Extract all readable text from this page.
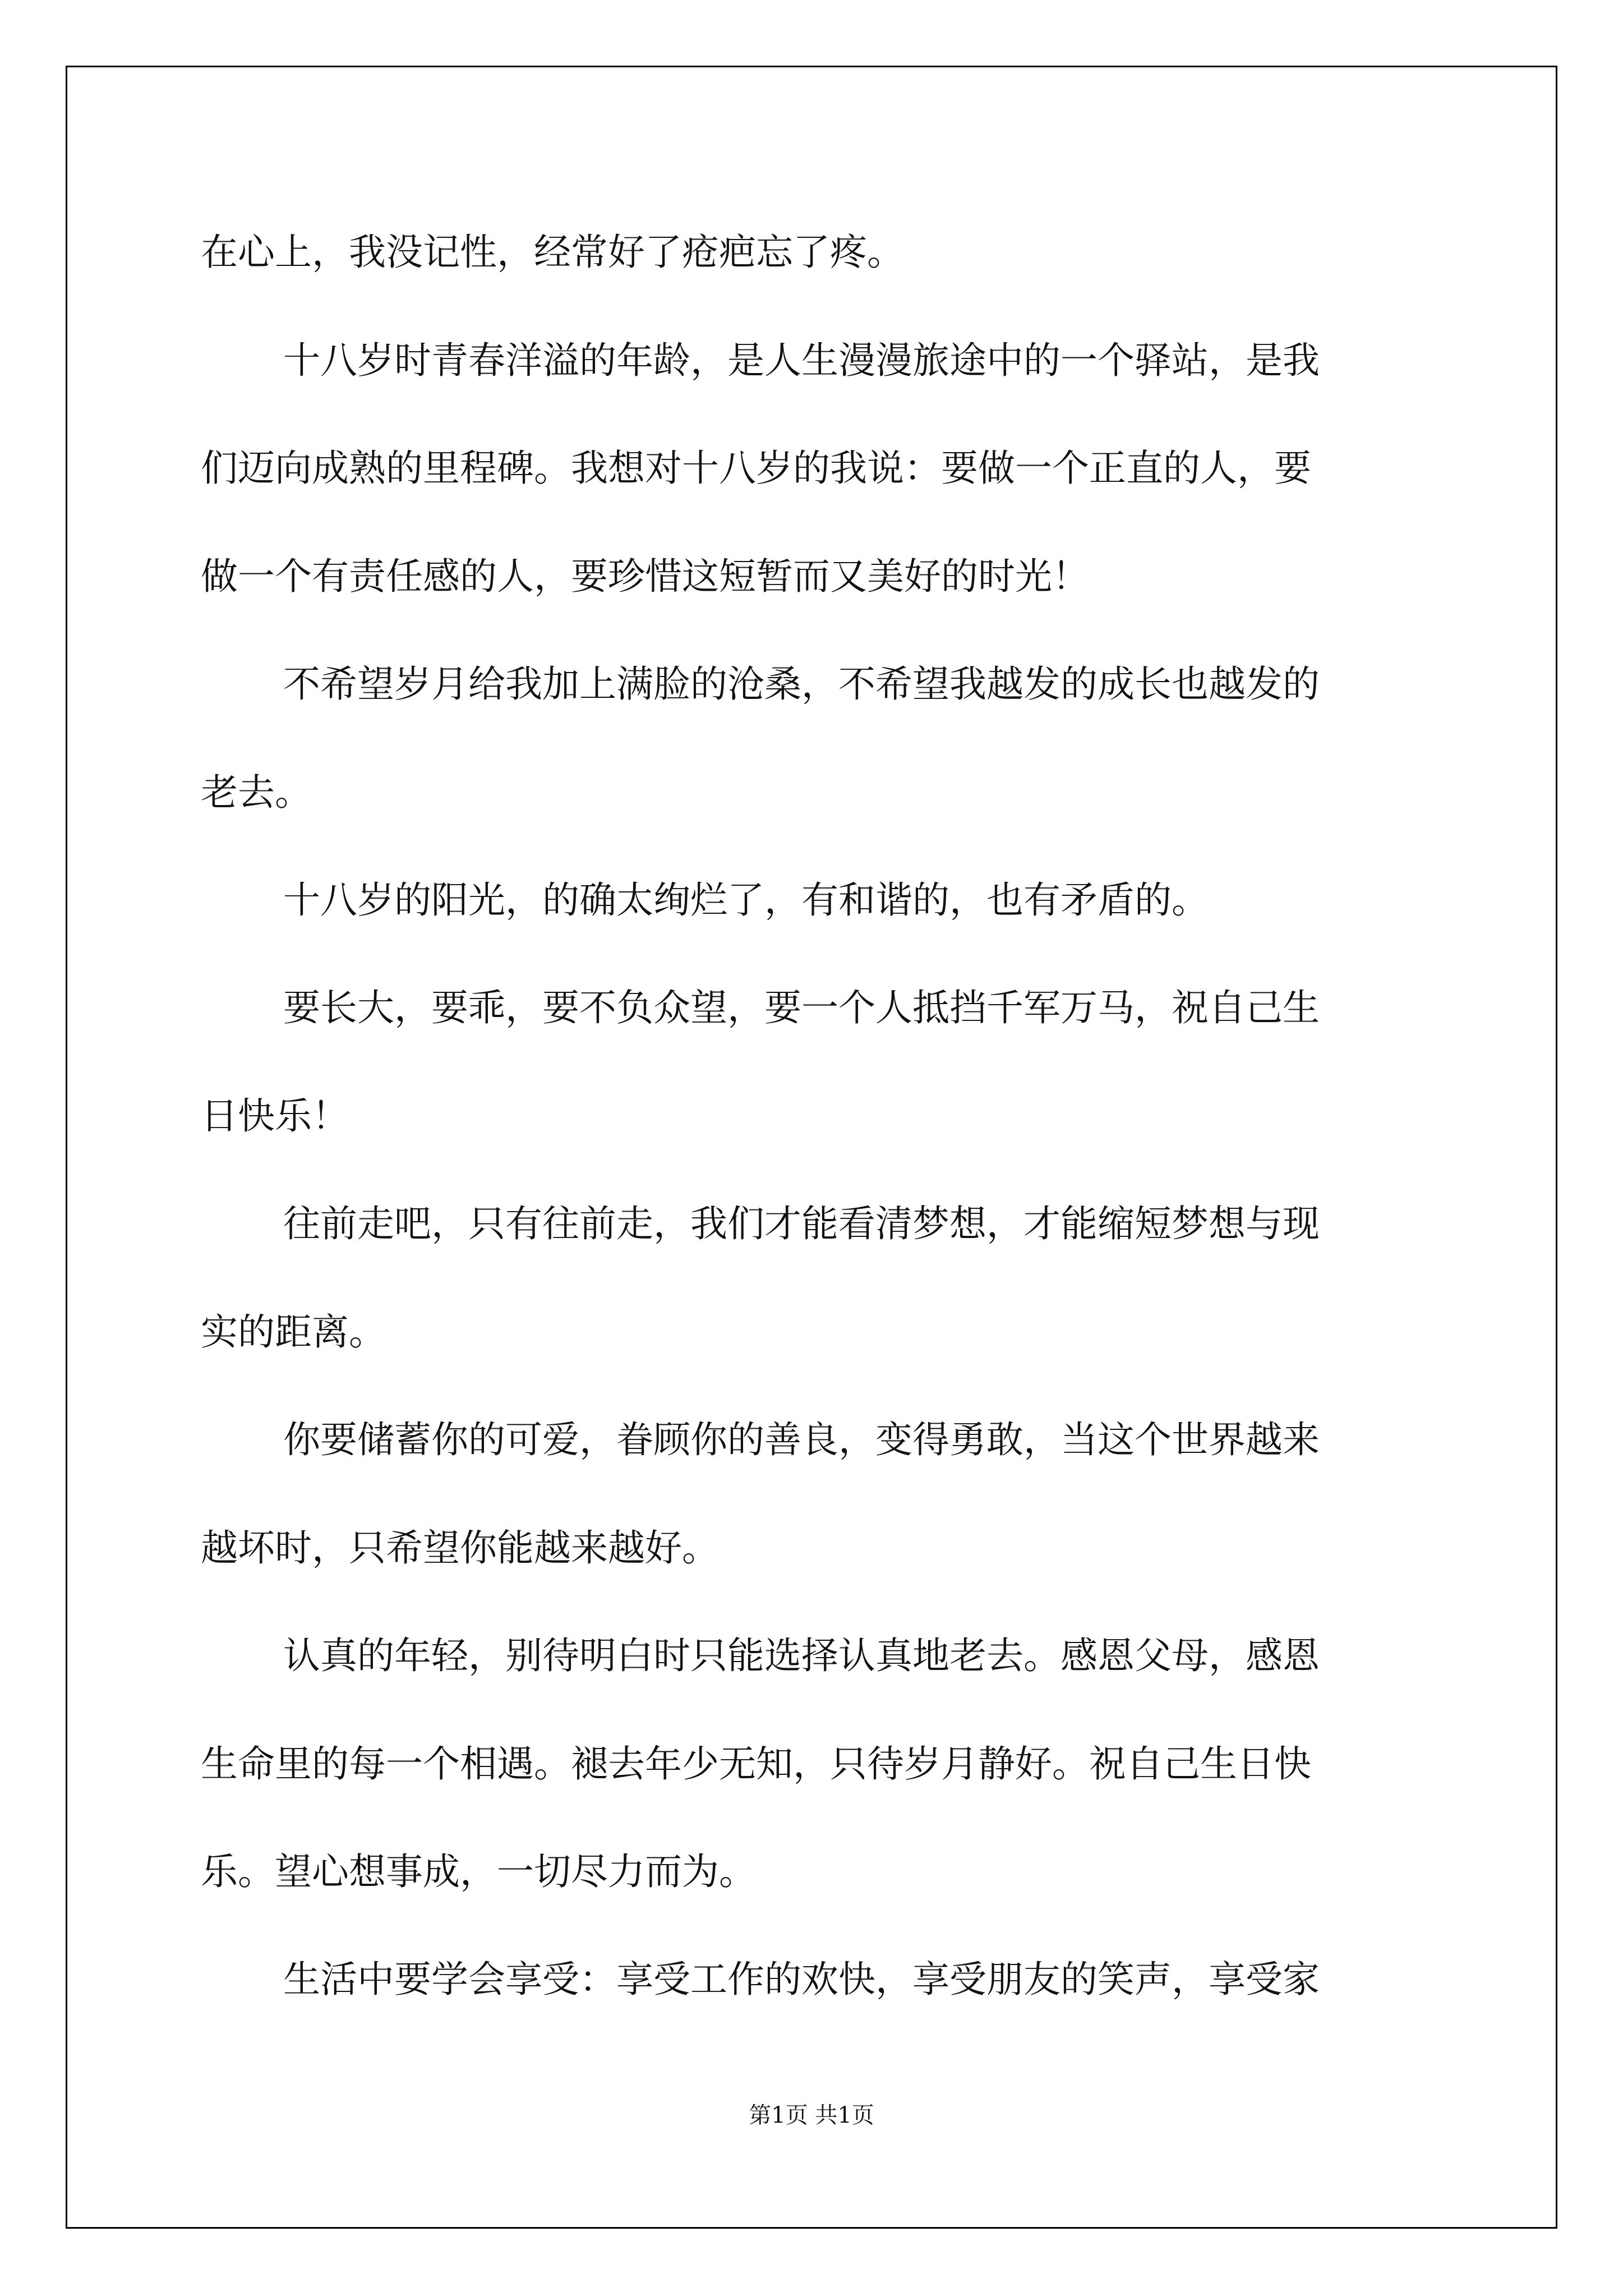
在心上，我没记性，经常好了疮疤忘了疼。
十八岁时青春洋溢的年龄，是人生漫漫旅途中的一个驿站，是我
们迈向成熟的里程碑。我想对十八岁的我说：要做一个正直的人，要
做一个有责任感的人，要珍惜这短暂而又美好的时光！
不希望岁月给我加上满脸的沧桑，不希望我越发的成长也越发的
老去。
十八岁的阳光，的确太绚烂了，有和谐的，也有矛盾的。
要长大，要乖，要不负众望，要一个人抵挡千军万马，祝自己生
日快乐！
往前走吧，只有往前走，我们才能看清梦想，才能缩短梦想与现
实的距离。
你要储蓄你的可爱，眷顾你的善良，变得勇敢，当这个世界越来
越坏时，只希望你能越来越好。
认真的年轻，别待明白时只能选择认真地老去。感恩父母，感恩
生命里的每一个相遇。褪去年少无知，只待岁月静好。祝自己生日快
乐。望心想事成，一切尽力而为。
生活中要学会享受：享受工作的欢快，享受朋友的笑声，享受家
第1页 共1页
